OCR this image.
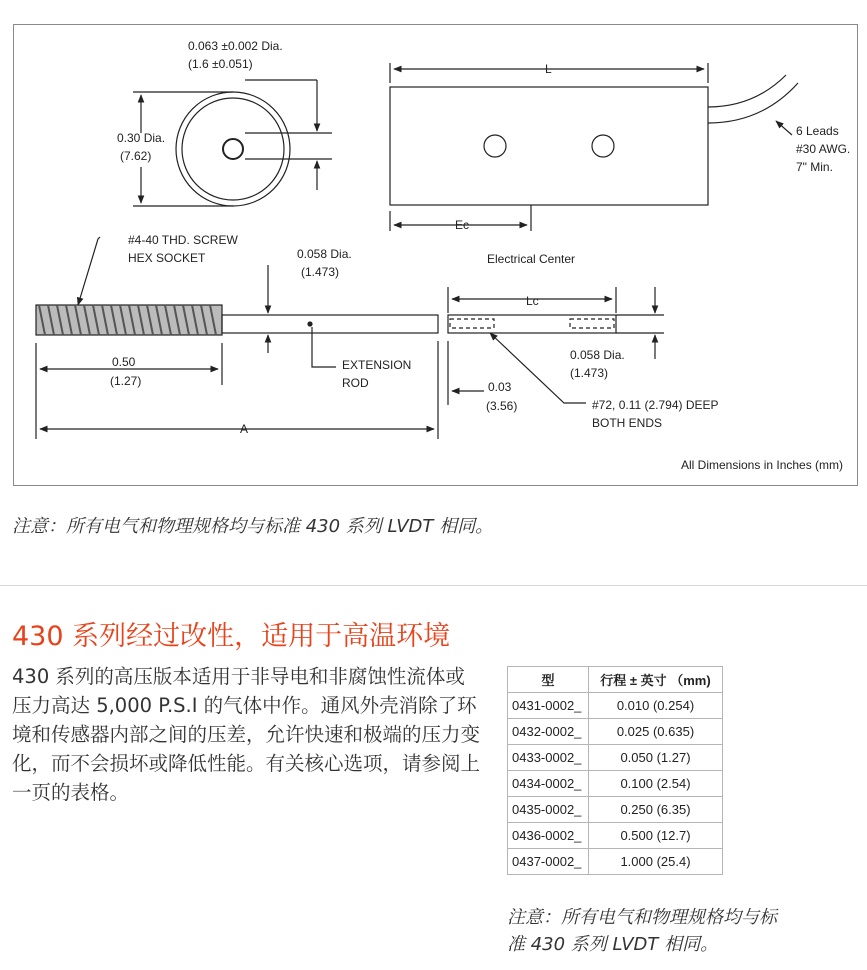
0.063 ±0.002 Dia.
(1.6 ±0.051)
0.30 Dia.
(7.62)
L
6 Leads
#30 AWG.
7" Min.
Ec
Electrical Center
#4-40 THD. SCREW
HEX SOCKET	0.058 Dia.
(1.473)
Lc
0.058 Dia.
(1.473)
0.50
(1.27)
EXTENSION
ROD	0.03
(3.56)	#72, 0.11 (2.794) DEEP
BOTH ENDS
A
All Dimensions in Inches (mm)
注意：所有电气和物理规格均与标准 430 系列 LVDT 相同。
430 系列经过改性，适用于高温环境
430 系列的高压版本适用于非导电和非腐蚀性流体或压力高达 5,000 P.S.I 的气体中作。通风外壳消除了环境和传感器内部之间的压差，允许快速和极端的压力变化，而不会损坏或降低性能。有关核心选项，请参阅上一页的表格。
型	行程 ± 英寸 （mm)
0431-0002_	0.010 (0.254)
0432-0002_	0.025 (0.635)
0433-0002_	0.050 (1.27)
0434-0002_	0.100 (2.54)
0435-0002_	0.250 (6.35)
0436-0002_	0.500 (12.7)
0437-0002_	1.000 (25.4)
注意：所有电气和物理规格均与标
准 430 系列 LVDT 相同。
